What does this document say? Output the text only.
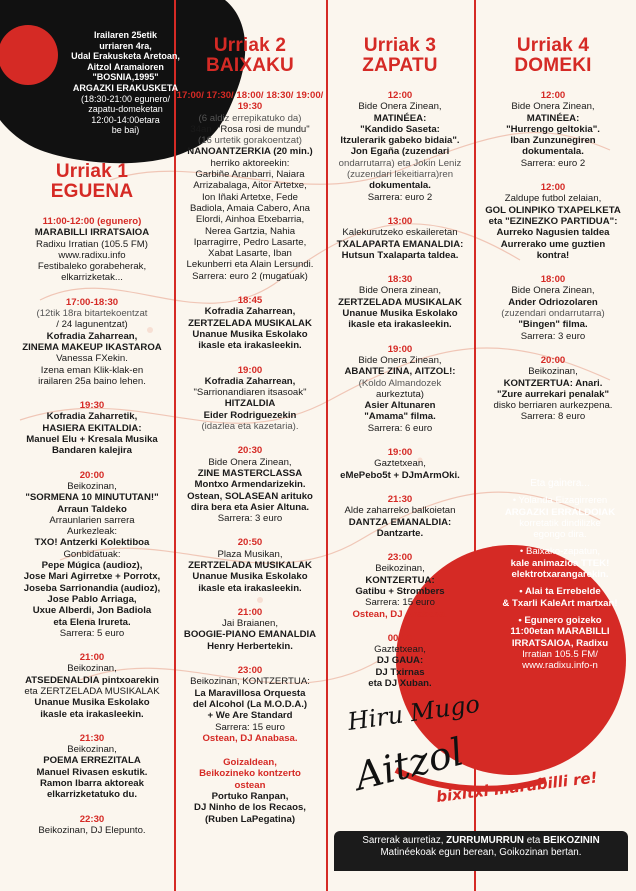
Irailaren 25etik
urriaren 4ra,
Udal Erakusketa Aretoan,
Aitzol Aramaioren
"BOSNIA,1995"
ARGAZKI ERAKUSKETA
(18:30-21:00 egunero/
zapatu-domeketan
12:00-14:00etara
be bai)
Urriak 1
EGUENA
11:00-12:00 (egunero)
MARABILLI IRRATSAIOA
Radixu Irratian (105.5 FM)
www.radixu.info
Festibaleko gorabeherak,
elkarrizketak...
17:00-18:30
(12tik 18ra bitartekoentzat
/ 24 lagunentzat)
Kofradia Zaharrean,
ZINEMA MAKEUP IKASTAROA
Vanessa FXekin.
Izena eman Klik-klak-en
irailaren 25a baino lehen.
19:30
Kofradia Zaharretik,
HASIERA EKITALDIA:
Manuel Elu + Kresala Musika
Bandaren kalejira
20:00
Beikozinan,
"SORMENA 10 MINUTUTAN!"
Arraun Taldeko
Arraunlarien sarrera
Aurkezleak:
TXO! Antzerki Kolektiboa
Gonbidatuak:
Pepe Múgica (audioz),
Jose Mari Agirretxe + Porrotx,
Joseba Sarrionandia (audioz),
Jose Pablo Arriaga,
Uxue Alberdi, Jon Badiola
eta Elena Irureta.
Sarrera: 5 euro
21:00
Beikozinan,
ATSEDENALDIA pintxoarekin
eta ZERTZELADA MUSIKALAK
Unanue Musika Eskolako
ikasle eta irakasleekin.
21:30
Beikozinan,
POEMA ERREZITALA
Manuel Rivasen eskutik.
Ramon Ibarra aktoreak
elkarrizketatuko du.
22:30
Beikozinan, DJ Elepunto.
Urriak 2
BAIXAKU
17:00/ 17:30/ 18:00/ 18:30/ 19:00/ 19:30
(6 aldiz errepikatuko da)
34an, "Rosa rosi de mundu"
(16 urtetik gorakoentzat)
NANOANTZERKIA (20 min.)
herriko aktoreekin:
Garbiñe Aranbarri, Naiara
Arrizabalaga, Aitor Artetxe,
Ion Iñaki Artetxe, Fede
Badiola, Amaia Cabero, Ana
Elordi, Ainhoa Etxebarria,
Nerea Gartzia, Nahia
Iparragirre, Pedro Lasarte,
Xabat Lasarte, Iban
Lekunberri eta Alain Lersundi.
Sarrera: euro 2 (mugatuak)
18:45
Kofradia Zaharrean,
ZERTZELADA MUSIKALAK
Unanue Musika Eskolako
ikasle eta irakasleekin.
19:00
Kofradia Zaharrean,
"Sarrionandiaren itsasoak"
HITZALDIA
Eider Rodriguezekin
(idazlea eta kazetaria).
20:30
Bide Onera Zinean,
ZINE MASTERCLASSA
Montxo Armendarizekin.
Ostean, SOLASEAN arituko
dira bera eta Asier Altuna.
Sarrera: 3 euro
20:50
Plaza Musikan,
ZERTZELADA MUSIKALAK
Unanue Musika Eskolako
ikasle eta irakasleekin.
21:00
Jai Braianen,
BOOGIE-PIANO EMANALDIA
Henry Herbertekin.
23:00
Beikozinan, KONTZERTUA:
La Maravillosa Orquesta
del Alcohol (La M.O.D.A.)
+ We Are Standard
Sarrera: 15 euro
Ostean, DJ Anabasa.
Goizaldean,
Beikozineko kontzerto
ostean
Portuko Ranpan,
DJ Ninho de los Recaos,
(Ruben LaPegatina)
Urriak 3
ZAPATU
12:00
Bide Onera Zinean,
MATINÉEA:
"Kandido Saseta:
Itzulerarik gabeko bidaia".
Jon Egaña (zuzendari
ondarrutarra) eta Jokin Leniz
(zuzendari lekeitiarra)ren
dokumentala.
Sarrera: euro 2
13:00
Kalekurutzeko eskaileretan
TXALAPARTA EMANALDIA:
Hutsun Txalaparta taldea.
18:30
Bide Onera zinean,
ZERTZELADA MUSIKALAK
Unanue Musika Eskolako
ikasle eta irakasleekin.
19:00
Bide Onera Zinean,
ABANTE ZINA, AITZOL!:
(Koldo Almandozek
aurkeztuta)
Asier Altunaren
"Amama" filma.
Sarrera: 6 euro
19:00
Gaztetxean,
eMePebo5t + DJmArmOki.
21:30
Alde zaharreko balkoietan
DANTZA EMANALDIA:
Dantzarte.
23:00
Beikozinan,
KONTZERTUA:
Gatibu + Strombers
Sarrera: 15 euro
Ostean, DJ Anabasa.
00:00
Gaztetxean,
DJ GAUA:
DJ Txirnas
eta DJ Xuban.
Urriak 4
DOMEKI
12:00
Bide Onera Zinean,
MATINÉEA:
"Hurrengo geltokia".
Iban Zunzunegiren
dokumentala.
Sarrera: euro 2
12:00
Zaldupe futbol zelaian,
GOL OLINPIKO TXAPELKETA
eta "EZINEZKO PARTIDUA":
Aurreko Nagusien taldea
Aurrerako ume guztien
kontra!
18:00
Bide Onera Zinean,
Ander Odriozolaren
(zuzendari ondarrutarra)
"Bingen" filma.
Sarrera: 3 euro
20:00
Beikozinan,
KONTZERTUA: Anari.
"Zure aurrekari penalak"
disko berriaren aurkezpena.
Sarrera: 8 euro
Eta gainera...
• Yolanda Eizagirreren
ARGAZKI ERRALDOIAK
korretatik dindilizke
egongo dira.
• Baixako-zapatun,
kale animazioa TTEK!
elektrotxarangarekin.
• Alai ta Errebelde
& Txarli KaleArt martxan!
• Egunero goizeko
11:00etan MARABILLI
IRRATSAIOA, Radixu
Irratian 105.5 FM/
www.radixu.info-n
Hiru Mugo
Aitzol
bixitxi marabilli re!
Sarrerak aurretiaz, ZURRUMURRUN eta BEIKOZININ
Matinéekoak egun berean, Goikozinan bertan.
